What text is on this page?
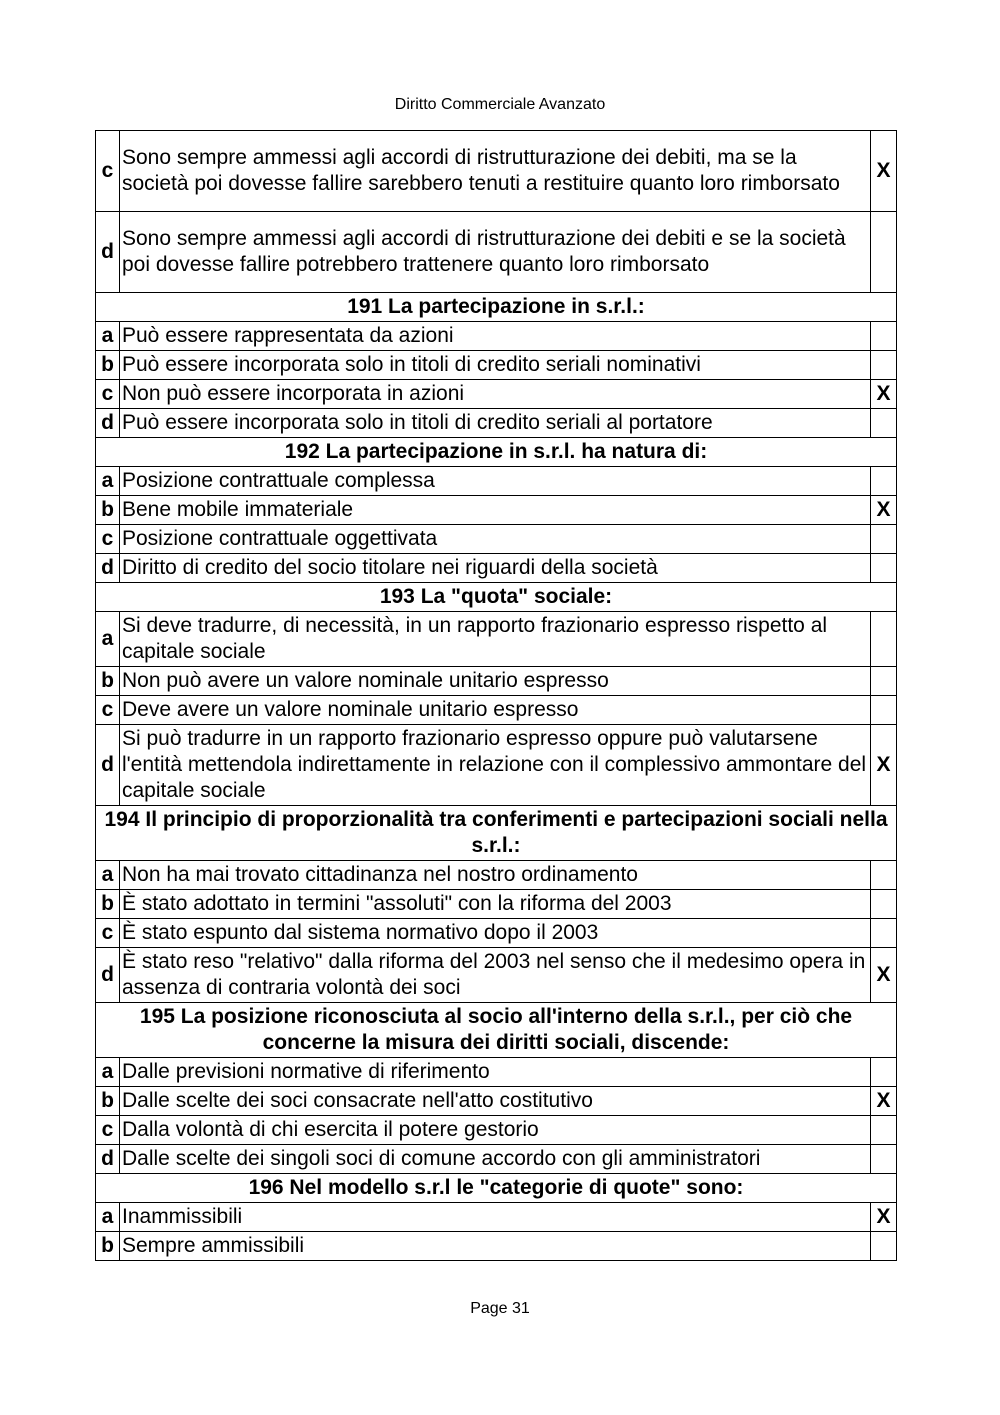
Diritto Commerciale Avanzato
c	Sono sempre ammessi agli accordi di ristrutturazione dei debiti, ma se la società poi dovesse fallire sarebbero tenuti a restituire quanto loro rimborsato	X
d	Sono sempre ammessi agli accordi di ristrutturazione dei debiti e se la società poi dovesse fallire potrebbero trattenere quanto loro rimborsato	
191 La partecipazione in s.r.l.:		
a	Può essere rappresentata da azioni	
b	Può essere incorporata solo in titoli di credito seriali nominativi	
c	Non può essere incorporata in azioni	X
d	Può essere incorporata solo in titoli di credito seriali al portatore	
192 La partecipazione in s.r.l. ha natura di:		
a	Posizione contrattuale complessa	
b	Bene mobile immateriale	X
c	Posizione contrattuale oggettivata	
d	Diritto di credito del socio titolare nei riguardi della società	
193 La "quota" sociale:		
a	Si deve tradurre, di necessità, in un rapporto frazionario espresso rispetto al capitale sociale	
b	Non può avere un valore nominale unitario espresso	
c	Deve avere un valore nominale unitario espresso	
d	Si può tradurre in un rapporto frazionario espresso oppure può valutarsene l'entità mettendola indirettamente in relazione con il complessivo ammontare del capitale sociale	X
194 Il principio di proporzionalità tra conferimenti e partecipazioni sociali nella s.r.l.:		
a	Non ha mai trovato cittadinanza nel nostro ordinamento	
b	È stato adottato in termini "assoluti" con la riforma del 2003	
c	È stato espunto dal sistema normativo dopo il 2003	
d	È stato reso "relativo" dalla riforma del 2003 nel senso che il medesimo opera in assenza di contraria volontà dei soci	X
195 La posizione riconosciuta al socio all'interno della s.r.l., per ciò che concerne la misura dei diritti sociali, discende:		
a	Dalle previsioni normative di riferimento	
b	Dalle scelte dei soci consacrate nell'atto costitutivo	X
c	Dalla volontà di chi esercita il potere gestorio	
d	Dalle scelte dei singoli soci di comune accordo con gli amministratori	
196 Nel modello s.r.l le "categorie di quote" sono:		
a	Inammissibili	X
b	Sempre ammissibili	
Page 31
